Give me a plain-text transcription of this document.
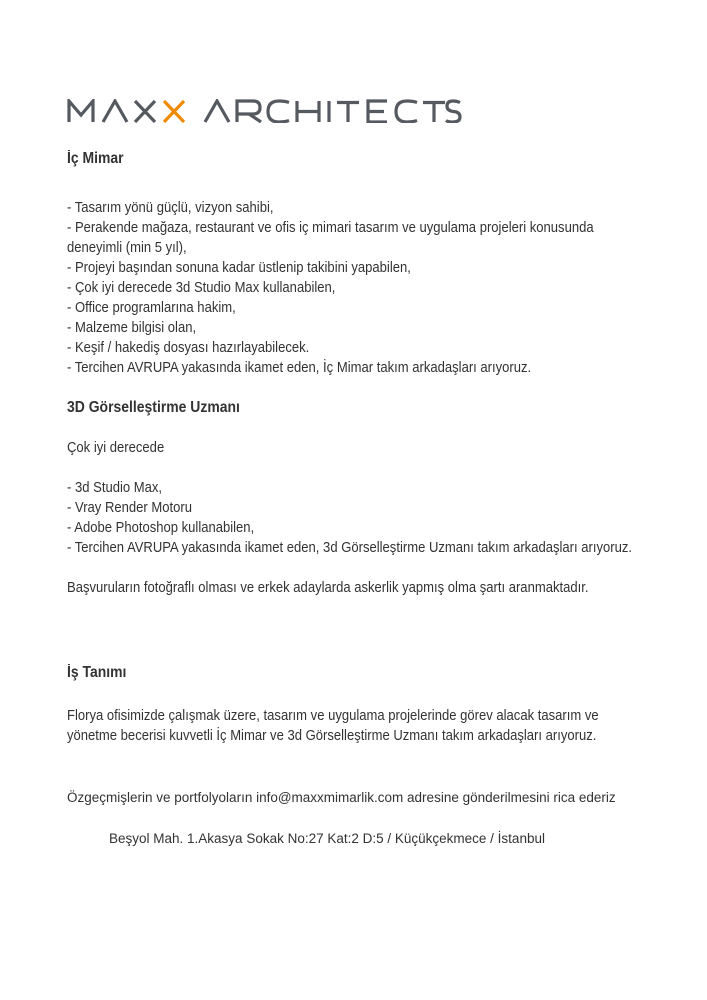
İç Mimar
- Tasarım yönü güçlü, vizyon sahibi,
- Perakende mağaza, restaurant ve ofis iç mimari tasarım ve uygulama projeleri konusunda
deneyimli (min 5 yıl),
- Projeyi başından sonuna kadar üstlenip takibini yapabilen,
- Çok iyi derecede 3d Studio Max kullanabilen,
- Office programlarına hakim,
- Malzeme bilgisi olan,
- Keşif / hakediş dosyası hazırlayabilecek.
- Tercihen AVRUPA yakasında ikamet eden, İç Mimar takım arkadaşları arıyoruz.
3D Görselleştirme Uzmanı
Çok iyi derecede
- 3d Studio Max,
- Vray Render Motoru
- Adobe Photoshop kullanabilen,
- Tercihen AVRUPA yakasında ikamet eden, 3d Görselleştirme Uzmanı takım arkadaşları arıyoruz.
Başvuruların fotoğraflı olması ve erkek adaylarda askerlik yapmış olma şartı aranmaktadır.
İş Tanımı
Florya ofisimizde çalışmak üzere, tasarım ve uygulama projelerinde görev alacak tasarım ve
yönetme becerisi kuvvetli İç Mimar ve 3d Görselleştirme Uzmanı takım arkadaşları arıyoruz.
Özgeçmişlerin ve portfolyoların info@maxxmimarlik.com adresine gönderilmesini rica ederiz
Beşyol Mah. 1.Akasya Sokak No:27 Kat:2 D:5 / Küçükçekmece / İstanbul
